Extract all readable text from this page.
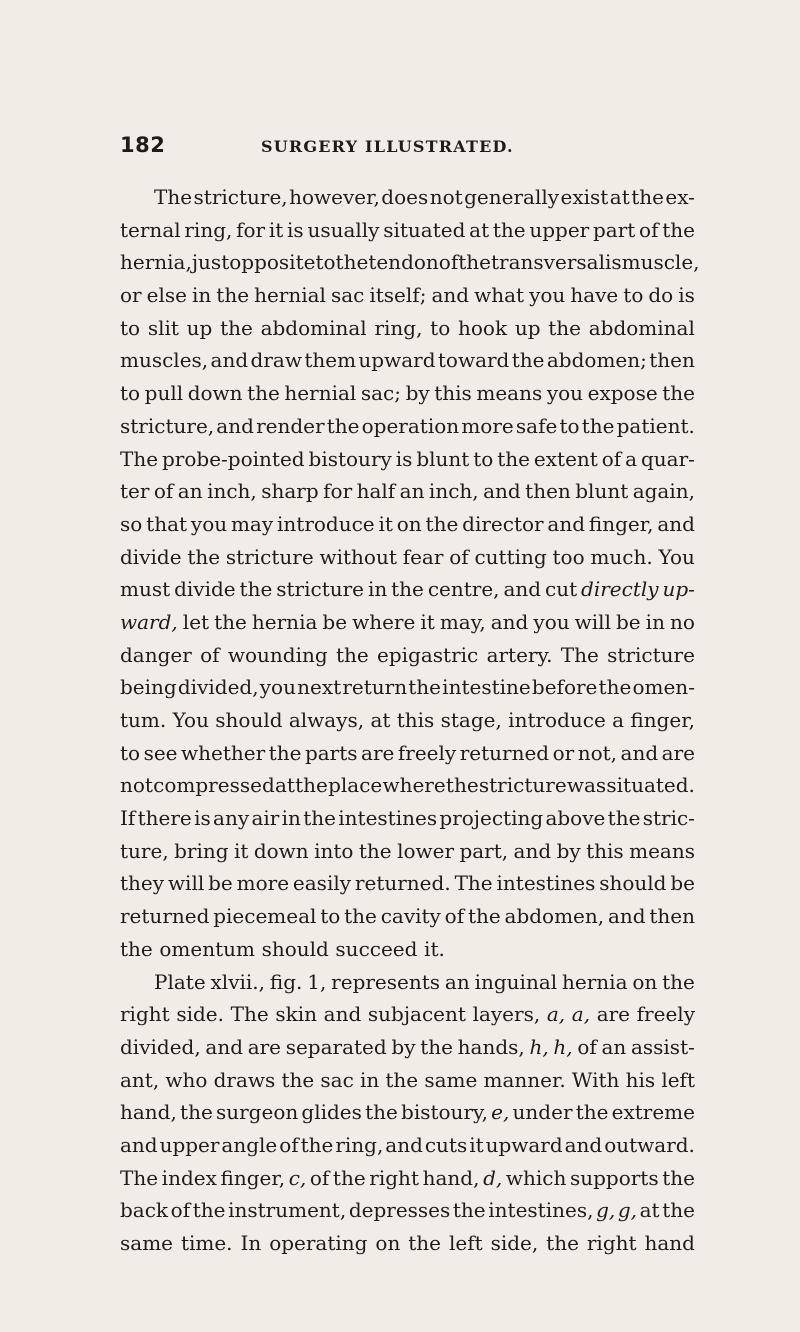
182	SURGERY ILLUSTRATED.
The stricture, however, does not generally exist at the ex-
ternal ring, for it is usually situated at the upper part of the
hernia, just opposite to the tendon of the transversalis muscle,
or else in the hernial sac itself; and what you have to do is
to slit up the abdominal ring, to hook up the abdominal
muscles, and draw them upward toward the abdomen; then
to pull down the hernial sac; by this means you expose the
stricture, and render the operation more safe to the patient.
The probe-pointed bistoury is blunt to the extent of a quar-
ter of an inch, sharp for half an inch, and then blunt again,
so that you may introduce it on the director and finger, and
divide the stricture without fear of cutting too much. You
must divide the stricture in the centre, and cut directly up-
ward, let the hernia be where it may, and you will be in no
danger of wounding the epigastric artery. The stricture
being divided, you next return the intestine before the omen-
tum. You should always, at this stage, introduce a finger,
to see whether the parts are freely returned or not, and are
not compressed at the place where the stricture was situated.
If there is any air in the intestines projecting above the stric-
ture, bring it down into the lower part, and by this means
they will be more easily returned. The intestines should be
returned piecemeal to the cavity of the abdomen, and then
the omentum should succeed it.
Plate xlvii., fig. 1, represents an inguinal hernia on the
right side. The skin and subjacent layers, a, a, are freely
divided, and are separated by the hands, h, h, of an assist-
ant, who draws the sac in the same manner. With his left
hand, the surgeon glides the bistoury, e, under the extreme
and upper angle of the ring, and cuts it upward and outward.
The index finger, c, of the right hand, d, which supports the
back of the instrument, depresses the intestines, g, g, at the
same time. In operating on the left side, the right hand
